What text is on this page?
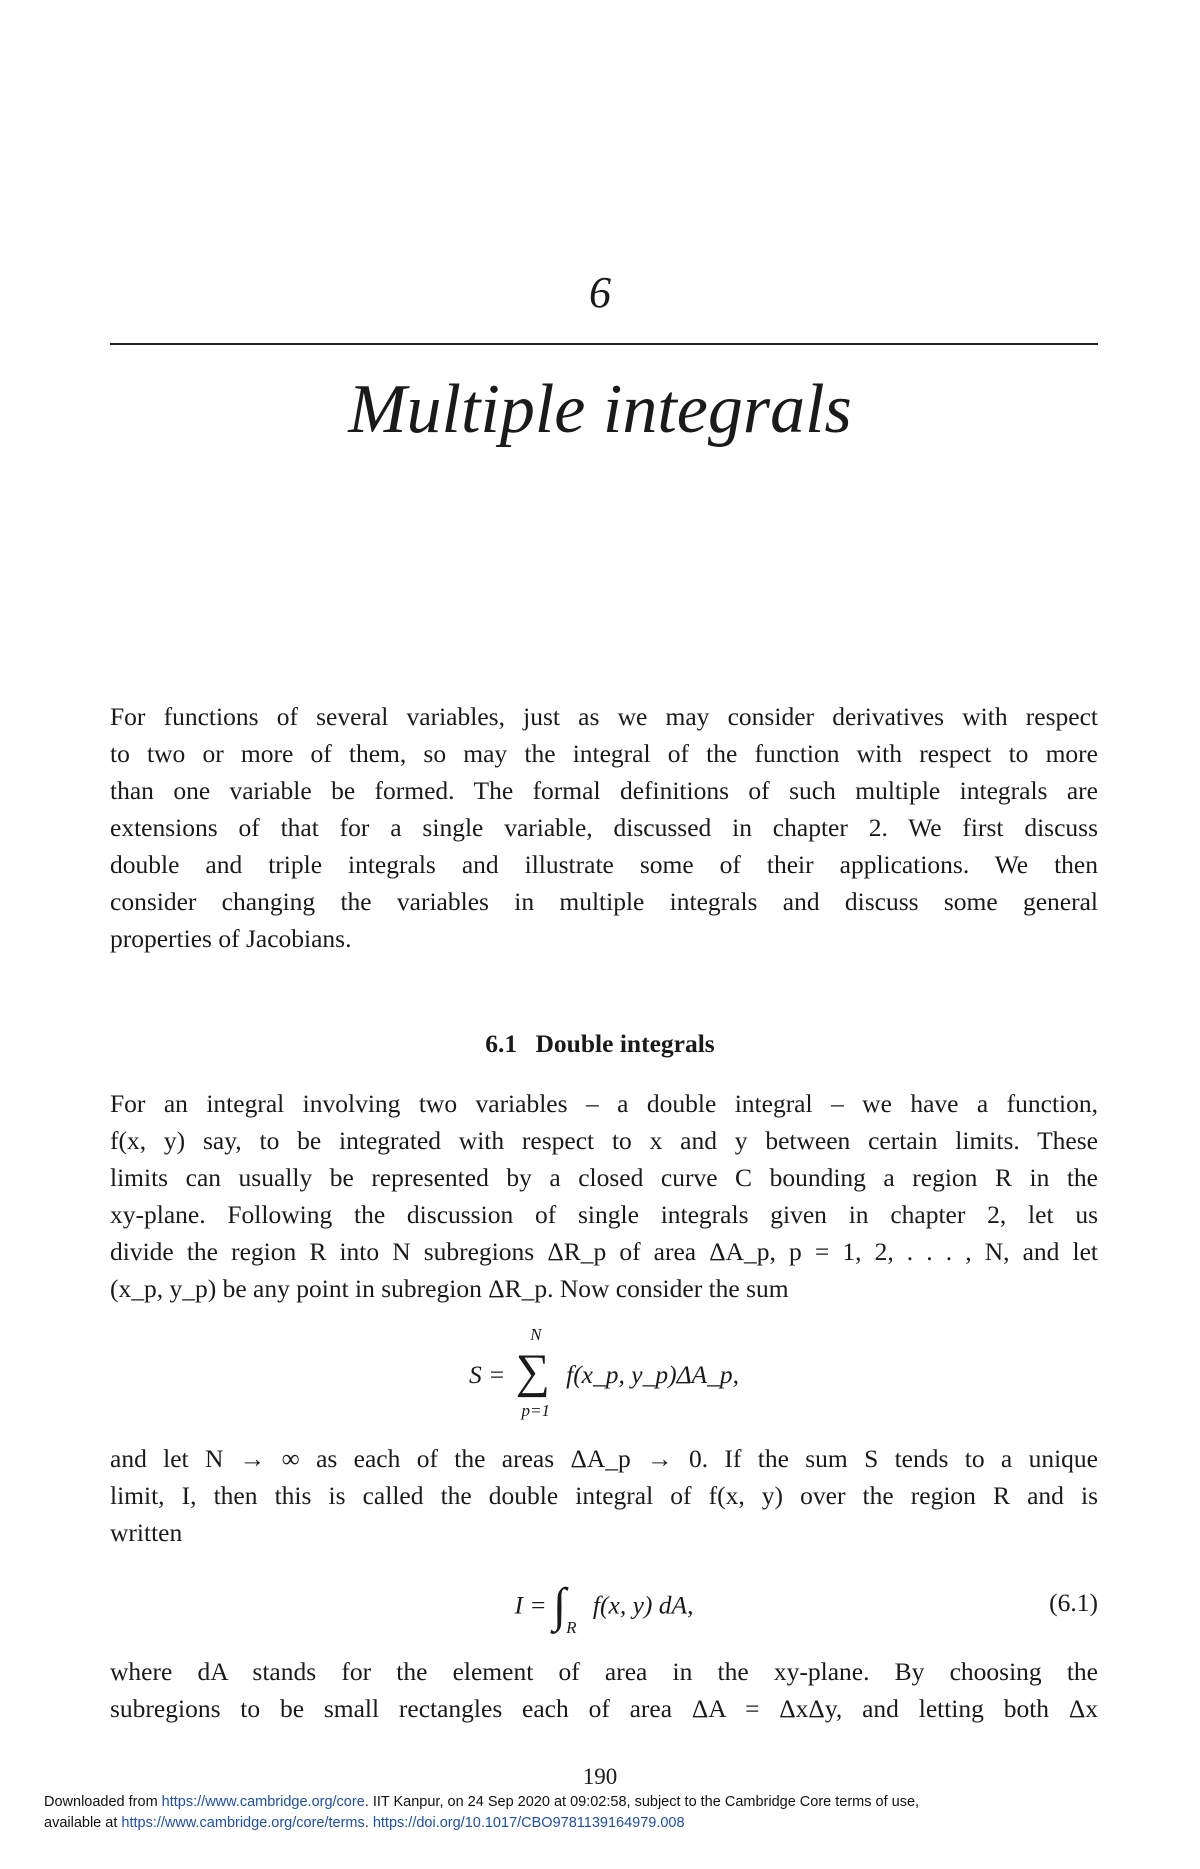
6
Multiple integrals
For functions of several variables, just as we may consider derivatives with respect
to two or more of them, so may the integral of the function with respect to more
than one variable be formed. The formal definitions of such multiple integrals are
extensions of that for a single variable, discussed in chapter 2. We first discuss
double and triple integrals and illustrate some of their applications. We then
consider changing the variables in multiple integrals and discuss some general
properties of Jacobians.
6.1 Double integrals
For an integral involving two variables – a double integral – we have a function,
f(x, y) say, to be integrated with respect to x and y between certain limits. These
limits can usually be represented by a closed curve C bounding a region R in the
xy-plane. Following the discussion of single integrals given in chapter 2, let us
divide the region R into N subregions ΔR_p of area ΔA_p, p = 1, 2, . . . , N, and let
(x_p, y_p) be any point in subregion ΔR_p. Now consider the sum
S =
N
∑
p=1
f(x_p, y_p)ΔA_p,
and let N → ∞ as each of the areas ΔA_p → 0. If the sum S tends to a unique
limit, I, then this is called the double integral of f(x, y) over the region R and is
written
$I = \int_R$ f(x, y) dA,	(6.1)
where dA stands for the element of area in the xy-plane. By choosing the
subregions to be small rectangles each of area ΔA = ΔxΔy, and letting both Δx
190
Downloaded from https://www.cambridge.org/core. IIT Kanpur, on 24 Sep 2020 at 09:02:58, subject to the Cambridge Core terms of use,
available at https://www.cambridge.org/core/terms. https://doi.org/10.1017/CBO9781139164979.008
